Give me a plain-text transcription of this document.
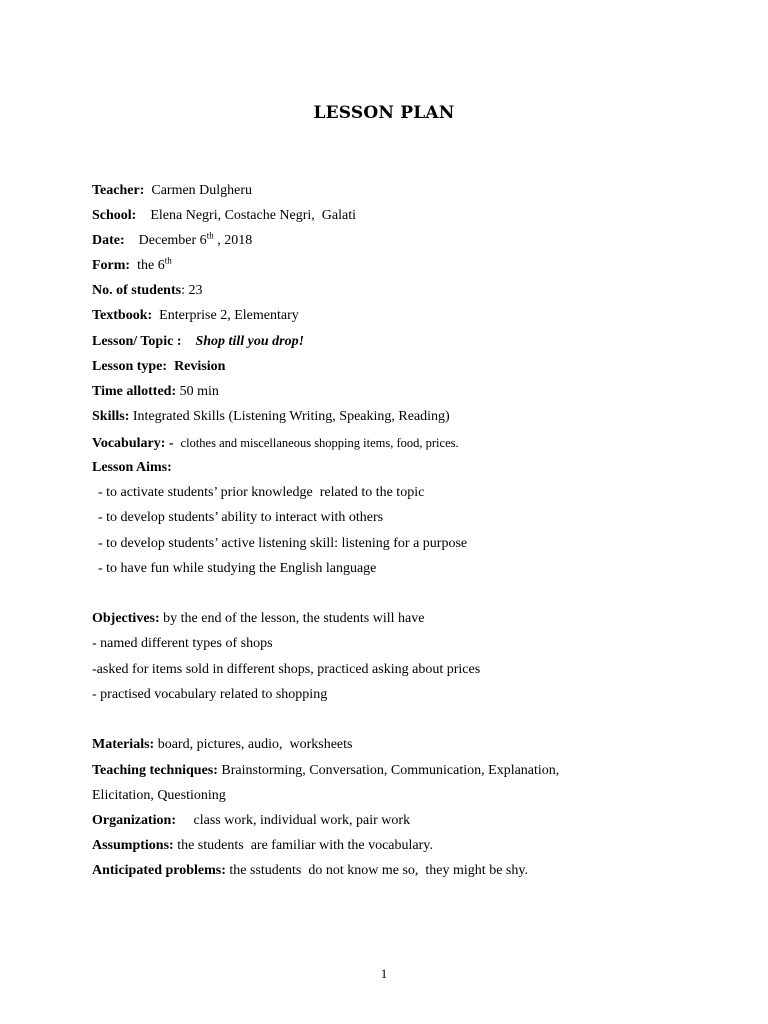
LESSON PLAN
Teacher: Carmen Dulgheru
School: Elena Negri, Costache Negri,  Galati
Date: December 6th , 2018
Form: the 6th
No. of students: 23
Textbook: Enterprise 2, Elementary
Lesson/ Topic : Shop till you drop!
Lesson type: Revision
Time allotted: 50 min
Skills: Integrated Skills (Listening Writing, Speaking, Reading)
Vocabulary: - clothes and miscellaneous shopping items, food, prices.
Lesson Aims:
- to activate students’ prior knowledge  related to the topic
- to develop students’ ability to interact with others
- to develop students’ active listening skill: listening for a purpose
- to have fun while studying the English language
Objectives: by the end of the lesson, the students will have
- named different types of shops
-asked for items sold in different shops, practiced asking about prices
- practised vocabulary related to shopping
Materials: board, pictures, audio,  worksheets
Teaching techniques: Brainstorming, Conversation, Communication, Explanation,
Elicitation, Questioning
Organization: class work, individual work, pair work
Assumptions: the students  are familiar with the vocabulary.
Anticipated problems: the sstudents  do not know me so,  they might be shy.
1
